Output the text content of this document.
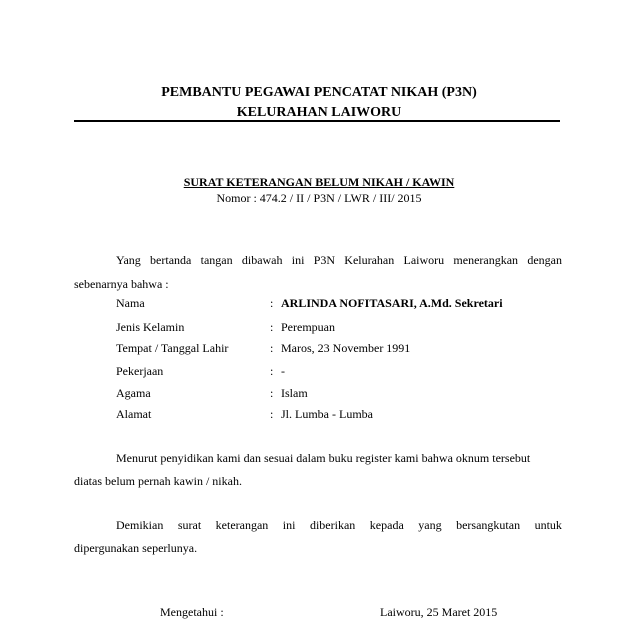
PEMBANTU PEGAWAI PENCATAT NIKAH (P3N)
KELURAHAN LAIWORU
SURAT KETERANGAN BELUM NIKAH / KAWIN
Nomor : 474.2 / II / P3N / LWR / III/ 2015
Yang bertanda tangan dibawah ini P3N Kelurahan Laiworu menerangkan dengan
sebenarnya bahwa :
Nama	: ARLINDA NOFITASARI, A.Md. Sekretari
Jenis Kelamin	: Perempuan
Tempat / Tanggal Lahir	: Maros, 23 November 1991
Pekerjaan	: -
Agama	: Islam
Alamat	: Jl. Lumba - Lumba
Menurut penyidikan kami dan sesuai dalam buku register kami bahwa oknum tersebut
diatas belum pernah kawin / nikah.
Demikian surat keterangan ini diberikan kepada yang bersangkutan untuk
dipergunakan seperlunya.
Mengetahui :	Laiworu, 25 Maret 2015
